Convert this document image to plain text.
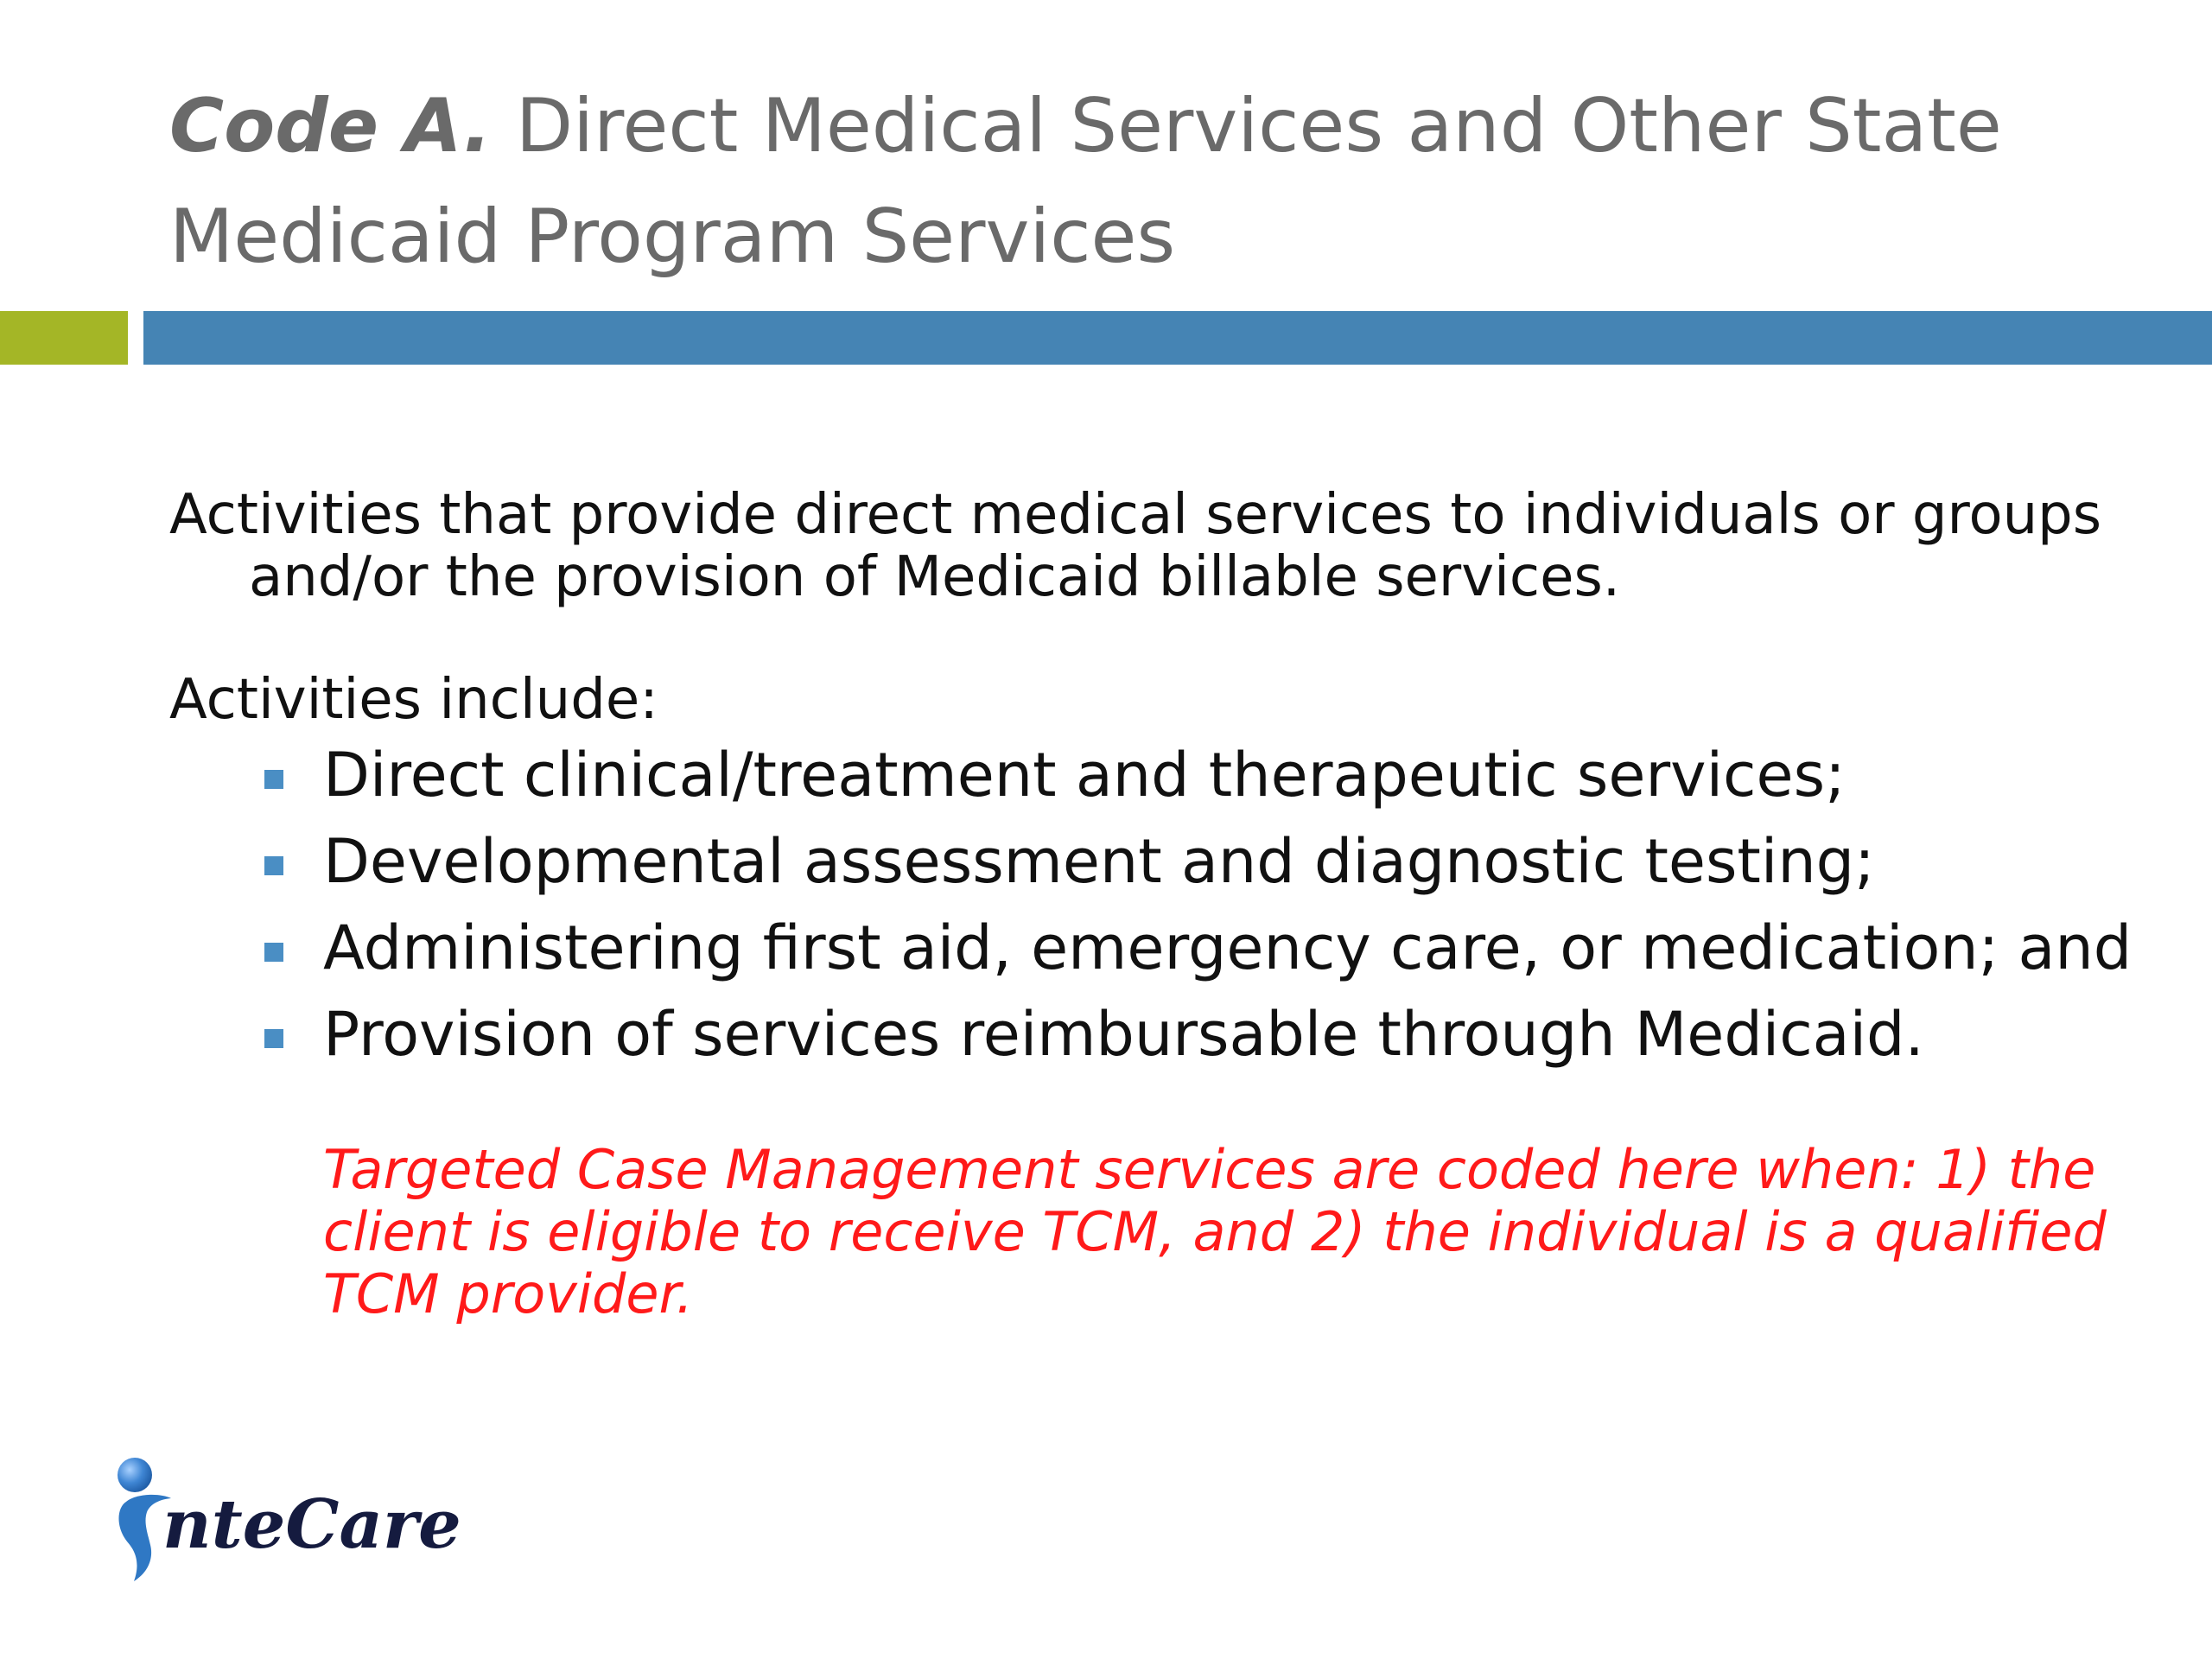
Code A. Direct Medical Services and Other State Medicaid Program Services

Activities that provide direct medical services to individuals or groups and/or the provision of Medicaid billable services.

Activities include:

Direct clinical/treatment and therapeutic services;
Developmental assessment and diagnostic testing;
Administering first aid, emergency care, or medication; and
Provision of services reimbursable through Medicaid.

Targeted Case Management services are coded here when: 1) the client is eligible to receive TCM, and 2) the individual is a qualified TCM provider.

nteCare
